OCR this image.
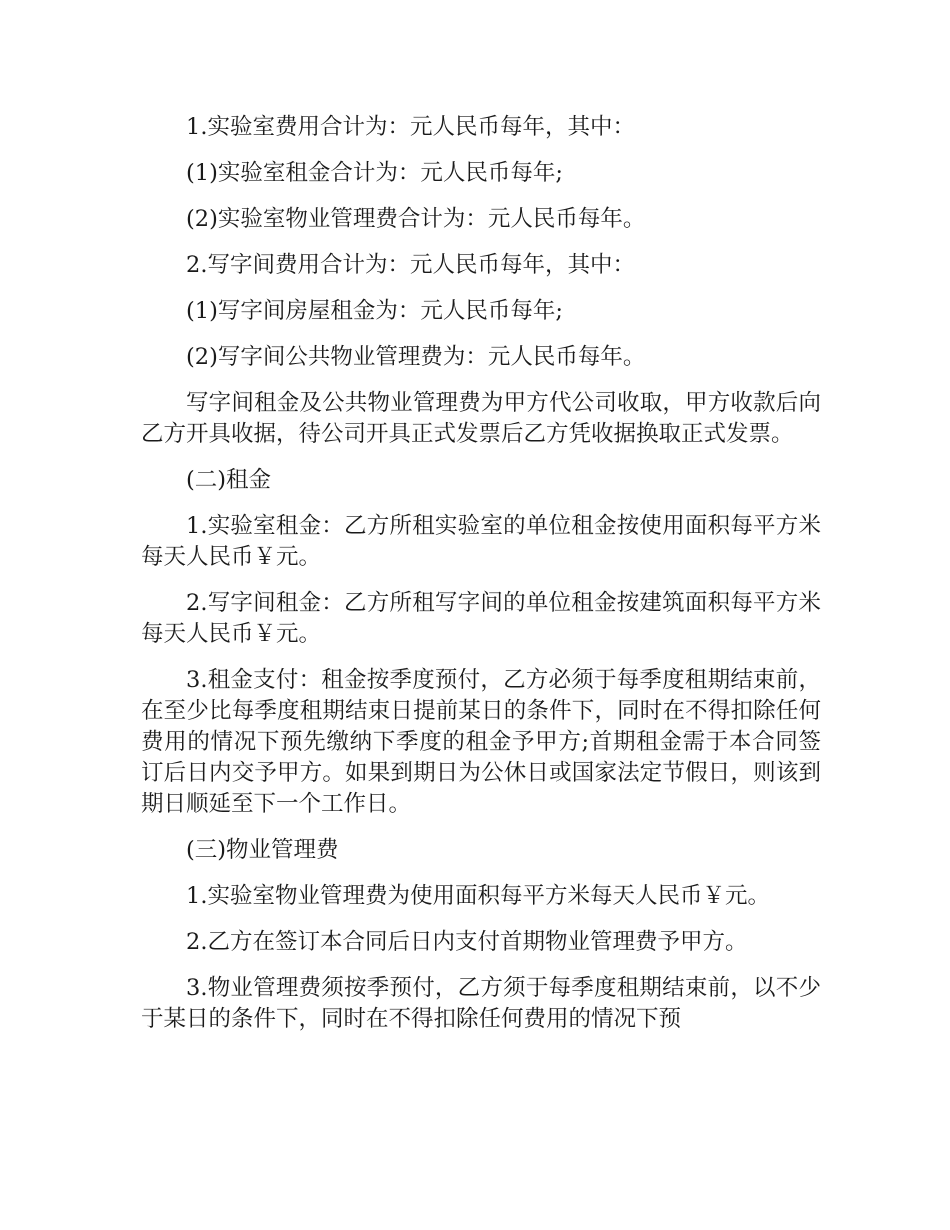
1.实验室费用合计为：元人民币每年，其中：

(1)实验室租金合计为：元人民币每年;

(2)实验室物业管理费合计为：元人民币每年。

2.写字间费用合计为：元人民币每年，其中：

(1)写字间房屋租金为：元人民币每年;

(2)写字间公共物业管理费为：元人民币每年。

写字间租金及公共物业管理费为甲方代公司收取，甲方收款后向乙方开具收据，待公司开具正式发票后乙方凭收据换取正式发票。

(二)租金

1.实验室租金：乙方所租实验室的单位租金按使用面积每平方米每天人民币￥元。

2.写字间租金：乙方所租写字间的单位租金按建筑面积每平方米每天人民币￥元。

3.租金支付：租金按季度预付，乙方必须于每季度租期结束前，在至少比每季度租期结束日提前某日的条件下，同时在不得扣除任何费用的情况下预先缴纳下季度的租金予甲方;首期租金需于本合同签订后日内交予甲方。如果到期日为公休日或国家法定节假日，则该到期日顺延至下一个工作日。

(三)物业管理费

1.实验室物业管理费为使用面积每平方米每天人民币￥元。

2.乙方在签订本合同后日内支付首期物业管理费予甲方。

3.物业管理费须按季预付，乙方须于每季度租期结束前，以不少于某日的条件下，同时在不得扣除任何费用的情况下预
